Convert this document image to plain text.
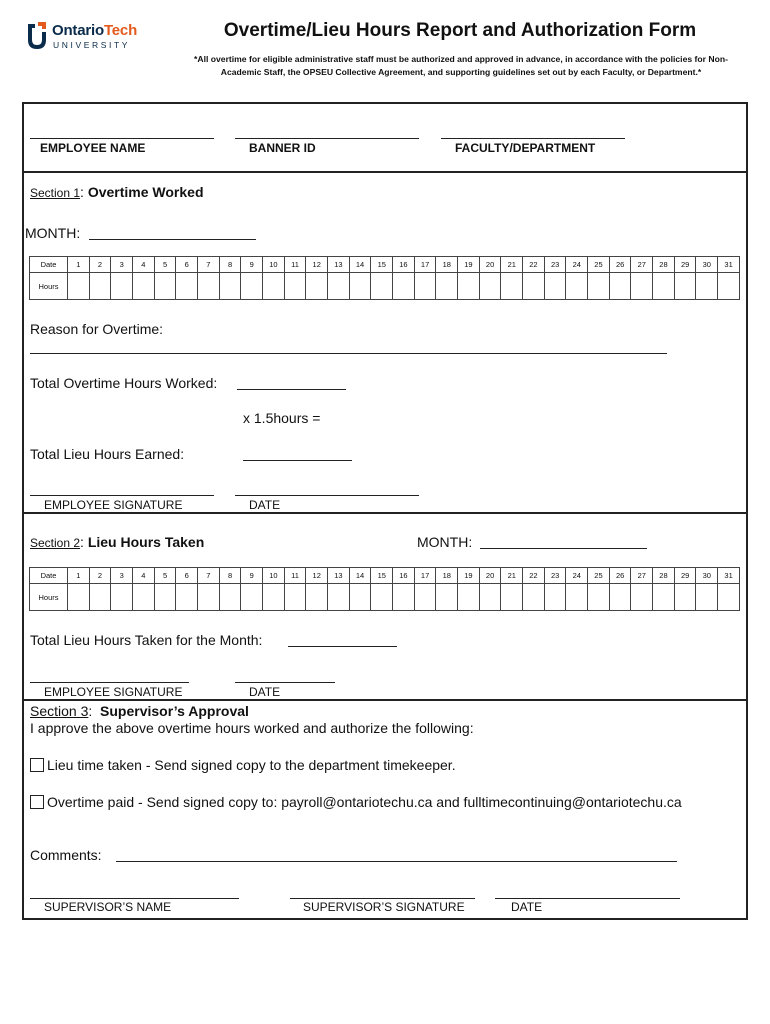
OntarioTech
UNIVERSITY
Overtime/Lieu Hours Report and Authorization Form
*All overtime for eligible administrative staff must be authorized and approved in advance, in accordance with the policies for Non-Academic Staff, the OPSEU Collective Agreement, and supporting guidelines set out by each Faculty, or Department.*
EMPLOYEE NAME	BANNER ID	FACULTY/DEPARTMENT
Section 1: Overtime Worked
MONTH:
Date	1	2	3	4	5	6	7	8	9	10	11	12	13	14	15	16	17	18	19	20	21	22	23	24	25	26	27	28	29	30	31
Hours																															
Reason for Overtime:
Total Overtime Hours Worked:
x 1.5hours =
Total Lieu Hours Earned:
EMPLOYEE SIGNATURE	DATE
Section 2: Lieu Hours Taken	MONTH:
Date	1	2	3	4	5	6	7	8	9	10	11	12	13	14	15	16	17	18	19	20	21	22	23	24	25	26	27	28	29	30	31
Hours																															
Total Lieu Hours Taken for the Month:
EMPLOYEE SIGNATURE	DATE
Section 3:  Supervisor’s Approval
I approve the above overtime hours worked and authorize the following:
Lieu time taken - Send signed copy to the department timekeeper.
Overtime paid - Send signed copy to: payroll@ontariotechu.ca and fulltimecontinuing@ontariotechu.ca
Comments:
SUPERVISOR’S NAME	SUPERVISOR’S SIGNATURE	DATE
